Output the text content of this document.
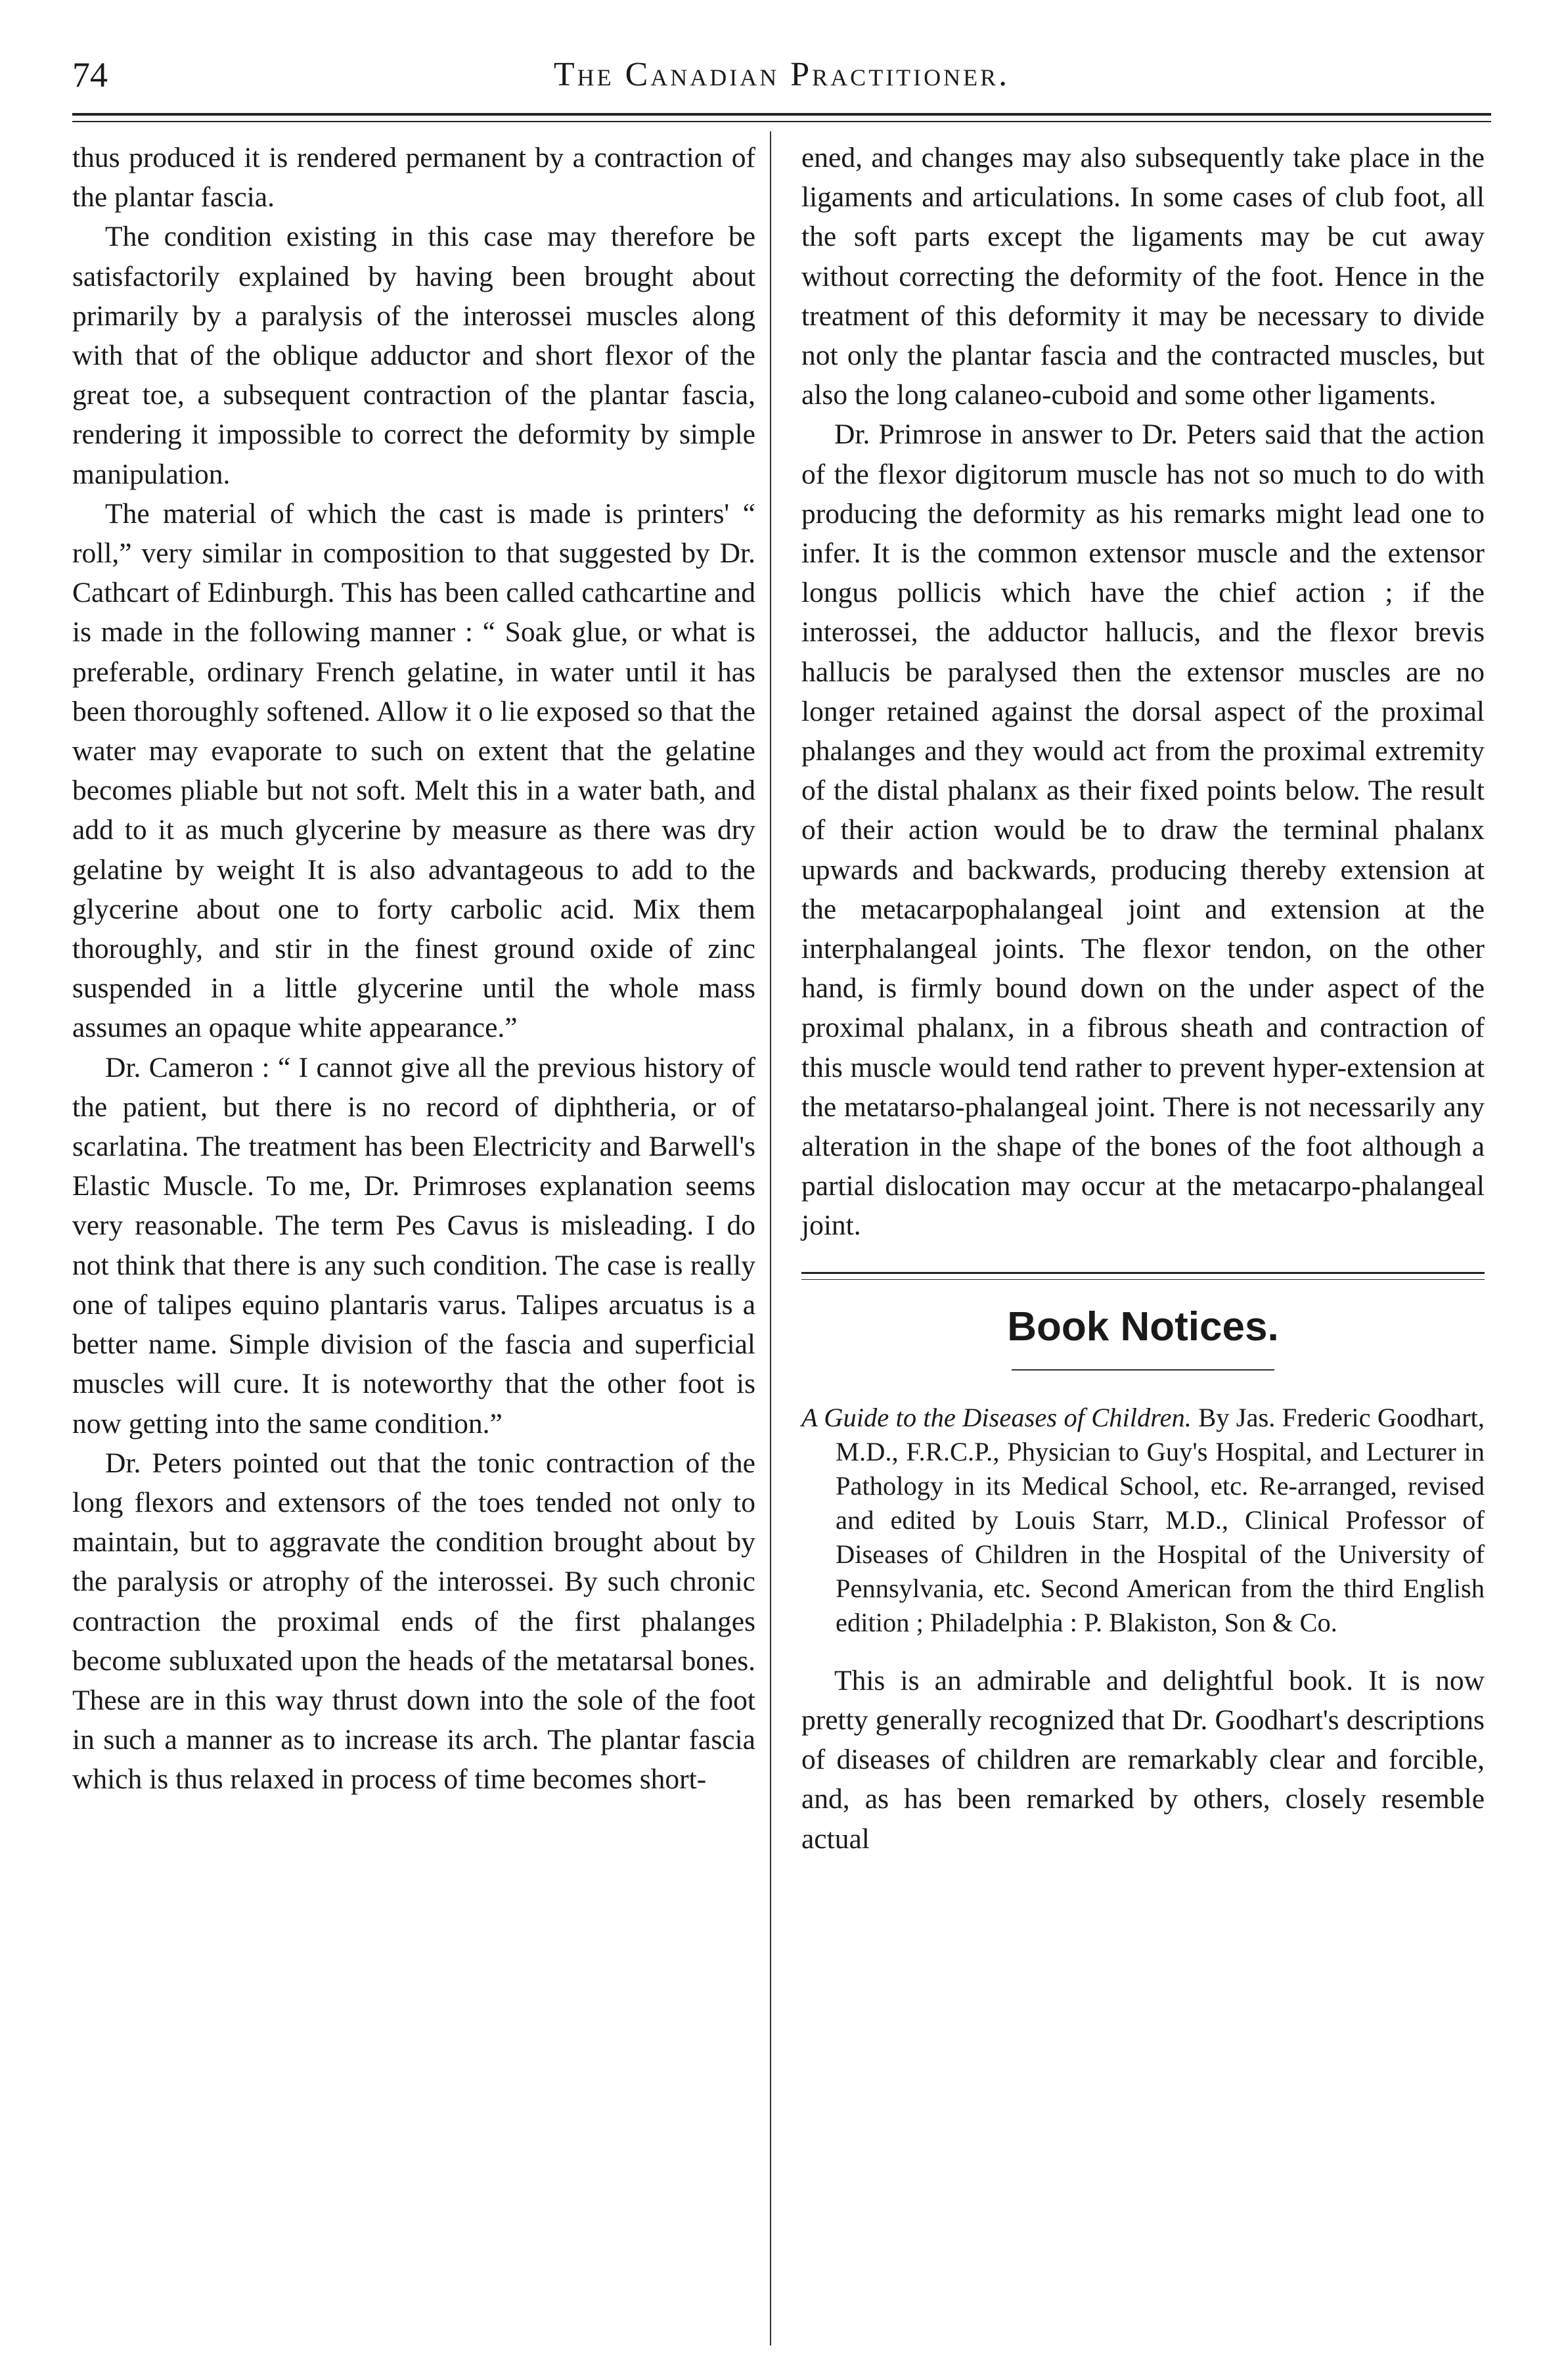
74	The Canadian Practitioner.

thus produced it is rendered permanent by a contraction of the plantar fascia.

The condition existing in this case may therefore be satisfactorily explained by having been brought about primarily by a paralysis of the interossei muscles along with that of the oblique adductor and short flexor of the great toe, a subsequent contraction of the plantar fascia, rendering it impossible to correct the deformity by simple manipulation.

The material of which the cast is made is printers' “ roll,” very similar in composition to that suggested by Dr. Cathcart of Edinburgh. This has been called cathcartine and is made in the following manner : “ Soak glue, or what is preferable, ordinary French gelatine, in water until it has been thoroughly softened. Allow it o lie exposed so that the water may evaporate to such on extent that the gelatine becomes pliable but not soft. Melt this in a water bath, and add to it as much glycerine by measure as there was dry gelatine by weight It is also advantageous to add to the glycerine about one to forty carbolic acid. Mix them thoroughly, and stir in the finest ground oxide of zinc suspended in a little glycerine until the whole mass assumes an opaque white appearance.”

Dr. Cameron : “ I cannot give all the previous history of the patient, but there is no record of diphtheria, or of scarlatina. The treatment has been Electricity and Barwell's Elastic Muscle. To me, Dr. Primroses explanation seems very reasonable. The term Pes Cavus is misleading. I do not think that there is any such condition. The case is really one of talipes equino plantaris varus. Talipes arcuatus is a better name. Simple division of the fascia and superficial muscles will cure. It is noteworthy that the other foot is now getting into the same condition.”

Dr. Peters pointed out that the tonic contraction of the long flexors and extensors of the toes tended not only to maintain, but to aggravate the condition brought about by the paralysis or atrophy of the interossei. By such chronic contraction the proximal ends of the first phalanges become subluxated upon the heads of the metatarsal bones. These are in this way thrust down into the sole of the foot in such a manner as to increase its arch. The plantar fascia which is thus relaxed in process of time becomes short-

ened, and changes may also subsequently take place in the ligaments and articulations. In some cases of club foot, all the soft parts except the ligaments may be cut away without correcting the deformity of the foot. Hence in the treatment of this deformity it may be necessary to divide not only the plantar fascia and the contracted muscles, but also the long calaneo-cuboid and some other ligaments.

Dr. Primrose in answer to Dr. Peters said that the action of the flexor digitorum muscle has not so much to do with producing the deformity as his remarks might lead one to infer. It is the common extensor muscle and the extensor longus pollicis which have the chief action ; if the interossei, the adductor hallucis, and the flexor brevis hallucis be paralysed then the extensor muscles are no longer retained against the dorsal aspect of the proximal phalanges and they would act from the proximal extremity of the distal phalanx as their fixed points below. The result of their action would be to draw the terminal phalanx upwards and backwards, producing thereby extension at the metacarpophalangeal joint and extension at the interphalangeal joints. The flexor tendon, on the other hand, is firmly bound down on the under aspect of the proximal phalanx, in a fibrous sheath and contraction of this muscle would tend rather to prevent hyper-extension at the metatarso-phalangeal joint. There is not necessarily any alteration in the shape of the bones of the foot although a partial dislocation may occur at the metacarpo-phalangeal joint.

Book Notices.
A Guide to the Diseases of Children. By Jas. Frederic Goodhart, M.D., F.R.C.P., Physician to Guy's Hospital, and Lecturer in Pathology in its Medical School, etc. Re-arranged, revised and edited by Louis Starr, M.D., Clinical Professor of Diseases of Children in the Hospital of the University of Pennsylvania, etc. Second American from the third English edition ; Philadelphia : P. Blakiston, Son & Co.

This is an admirable and delightful book. It is now pretty generally recognized that Dr. Goodhart's descriptions of diseases of children are remarkably clear and forcible, and, as has been remarked by others, closely resemble actual
